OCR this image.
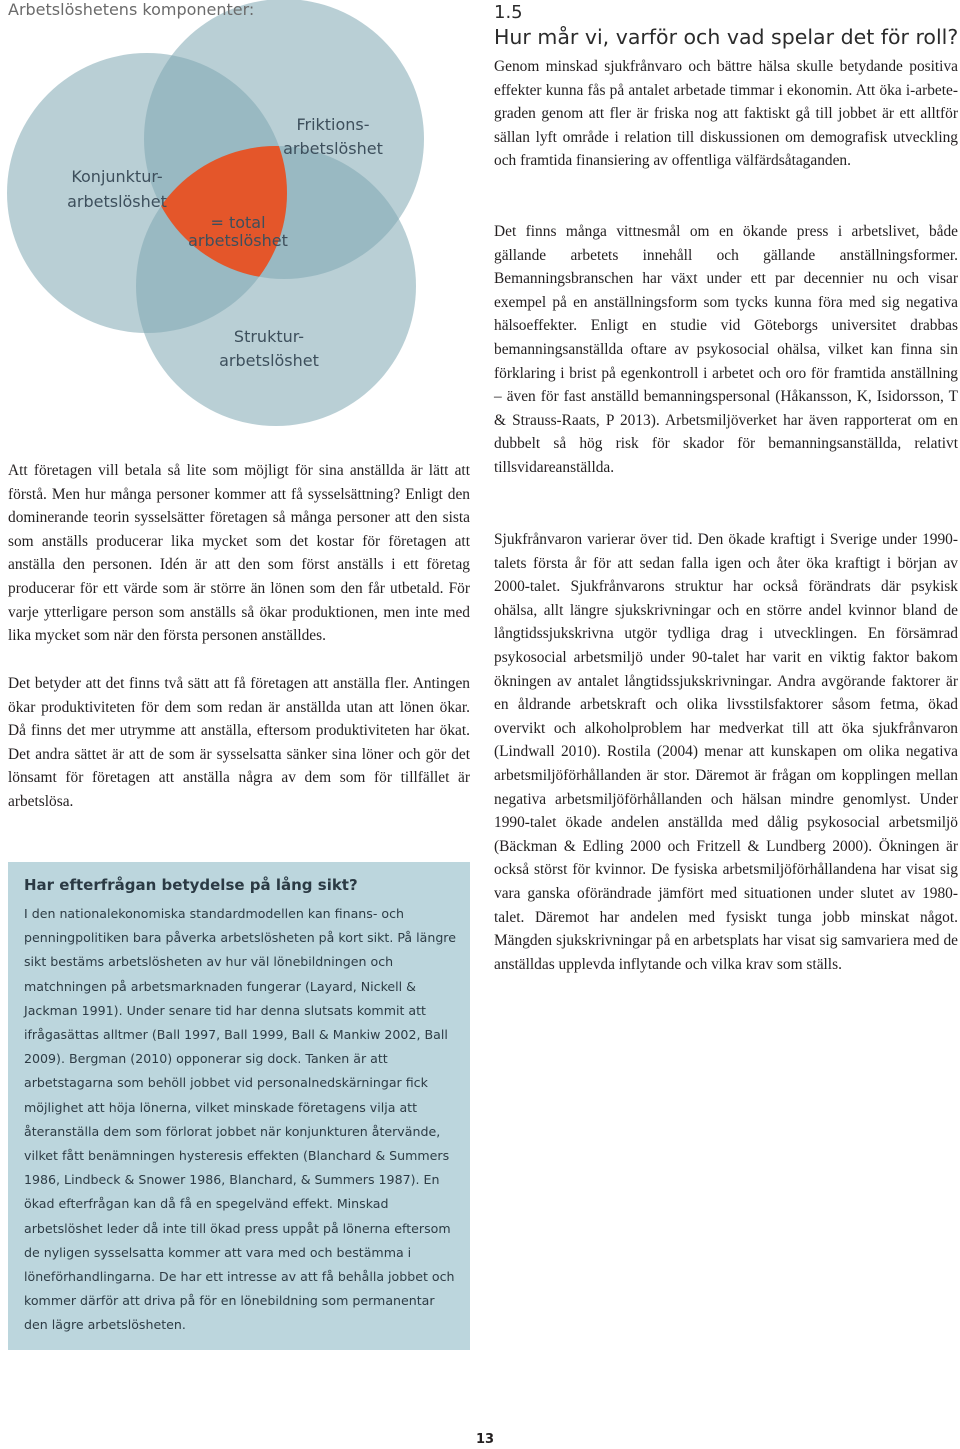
Konjunktur-
arbetslöshet
Friktions-
arbetslöshet
Struktur-
arbetslöshet
= total
arbetslöshet
Arbetslöshetens komponenter:

Att företagen vill betala så lite som möjligt för sina anställda är lätt att förstå. Men hur många personer kommer att få sysselsättning? Enligt den dominerande teorin sysselsätter företagen så många personer att den sista som anställs producerar lika mycket som det kostar för företagen att anställa den personen. Idén är att den som först anställs i ett företag producerar för ett värde som är större än lönen som den får utbetald. För varje ytterligare person som anställs så ökar produktionen, men inte med lika mycket som när den första personen anställdes.

Det betyder att det finns två sätt att få företagen att anställa fler. Antingen ökar produktiviteten för dem som redan är anställda utan att lönen ökar. Då finns det mer utrymme att anställa, eftersom produktiviteten har ökat. Det andra sättet är att de som är sysselsatta sänker sina löner och gör det lönsamt för företagen att anställa några av dem som för tillfället är arbetslösa.

Har efterfrågan betydelse på lång sikt?

I den nationalekonomiska standardmodellen kan finans- och penningpolitiken bara påverka arbetslösheten på kort sikt. På längre sikt bestäms arbetslösheten av hur väl lönebildningen och matchningen på arbetsmarknaden fungerar (Layard, Nickell & Jackman 1991). Under senare tid har denna slutsats kommit att ifrågasättas alltmer (Ball 1997, Ball 1999, Ball & Mankiw 2002, Ball 2009). Bergman (2010) opponerar sig dock. Tanken är att arbetstagarna som behöll jobbet vid personalnedskärningar fick möjlighet att höja lönerna, vilket minskade företagens vilja att återanställa dem som förlorat jobbet när konjunkturen återvände, vilket fått benämningen hysteresis effekten (Blanchard & Summers 1986, Lindbeck & Snower 1986, Blanchard, & Summers 1987). En ökad efterfrågan kan då få en spegelvänd effekt. Minskad arbetslöshet leder då inte till ökad press uppåt på lönerna eftersom de nyligen sysselsatta kommer att vara med och bestämma i löneförhandlingarna. De har ett intresse av att få behålla jobbet och kommer därför att driva på för en lönebildning som permanentar den lägre arbetslösheten.

1.5
Hur mår vi, varför och vad spelar det för roll?

Genom minskad sjukfrånvaro och bättre hälsa skulle betydande positiva effekter kunna fås på antalet arbetade timmar i ekonomin. Att öka i-arbete-graden genom att fler är friska nog att faktiskt gå till jobbet är ett alltför sällan lyft område i relation till diskussionen om demografisk utveckling och framtida finansiering av offentliga välfärdsåtaganden.

Det finns många vittnesmål om en ökande press i arbetslivet, både gällande arbetets innehåll och gällande anställningsformer. Bemanningsbranschen har växt under ett par decennier nu och visar exempel på en anställningsform som tycks kunna föra med sig negativa hälsoeffekter. Enligt en studie vid Göteborgs universitet drabbas bemanningsanställda oftare av psykosocial ohälsa, vilket kan finna sin förklaring i brist på egenkontroll i arbetet och oro för framtida anställning – även för fast anställd bemanningspersonal (Håkansson, K, Isidorsson, T & Strauss-Raats, P 2013). Arbetsmiljöverket har även rapporterat om en dubbelt så hög risk för skador för bemanningsanställda, relativt tillsvidareanställda.

Sjukfrånvaron varierar över tid. Den ökade kraftigt i Sverige under 1990-talets första år för att sedan falla igen och åter öka kraftigt i början av 2000-talet. Sjukfrånvarons struktur har också förändrats där psykisk ohälsa, allt längre sjukskrivningar och en större andel kvinnor bland de långtidssjukskrivna utgör tydliga drag i utvecklingen. En försämrad psykosocial arbetsmiljö under 90-talet har varit en viktig faktor bakom ökningen av antalet långtidssjukskrivningar. Andra avgörande faktorer är en åldrande arbetskraft och olika livsstilsfaktorer såsom fetma, ökad overvikt och alkoholproblem har medverkat till att öka sjukfrånvaron (Lindwall 2010). Rostila (2004) menar att kunskapen om olika negativa arbetsmiljöförhållanden är stor. Däremot är frågan om kopplingen mellan negativa arbetsmiljöförhållanden och hälsan mindre genomlyst. Under 1990-talet ökade andelen anställda med dålig psykosocial arbetsmiljö (Bäckman & Edling 2000 och Fritzell & Lundberg 2000). Ökningen är också störst för kvinnor. De fysiska arbetsmiljöförhållandena har visat sig vara ganska oförändrade jämfört med situationen under slutet av 1980-talet. Däremot har andelen med fysiskt tunga jobb minskat något. Mängden sjukskrivningar på en arbetsplats har visat sig samvariera med de anställdas upplevda inflytande och vilka krav som ställs.

13
